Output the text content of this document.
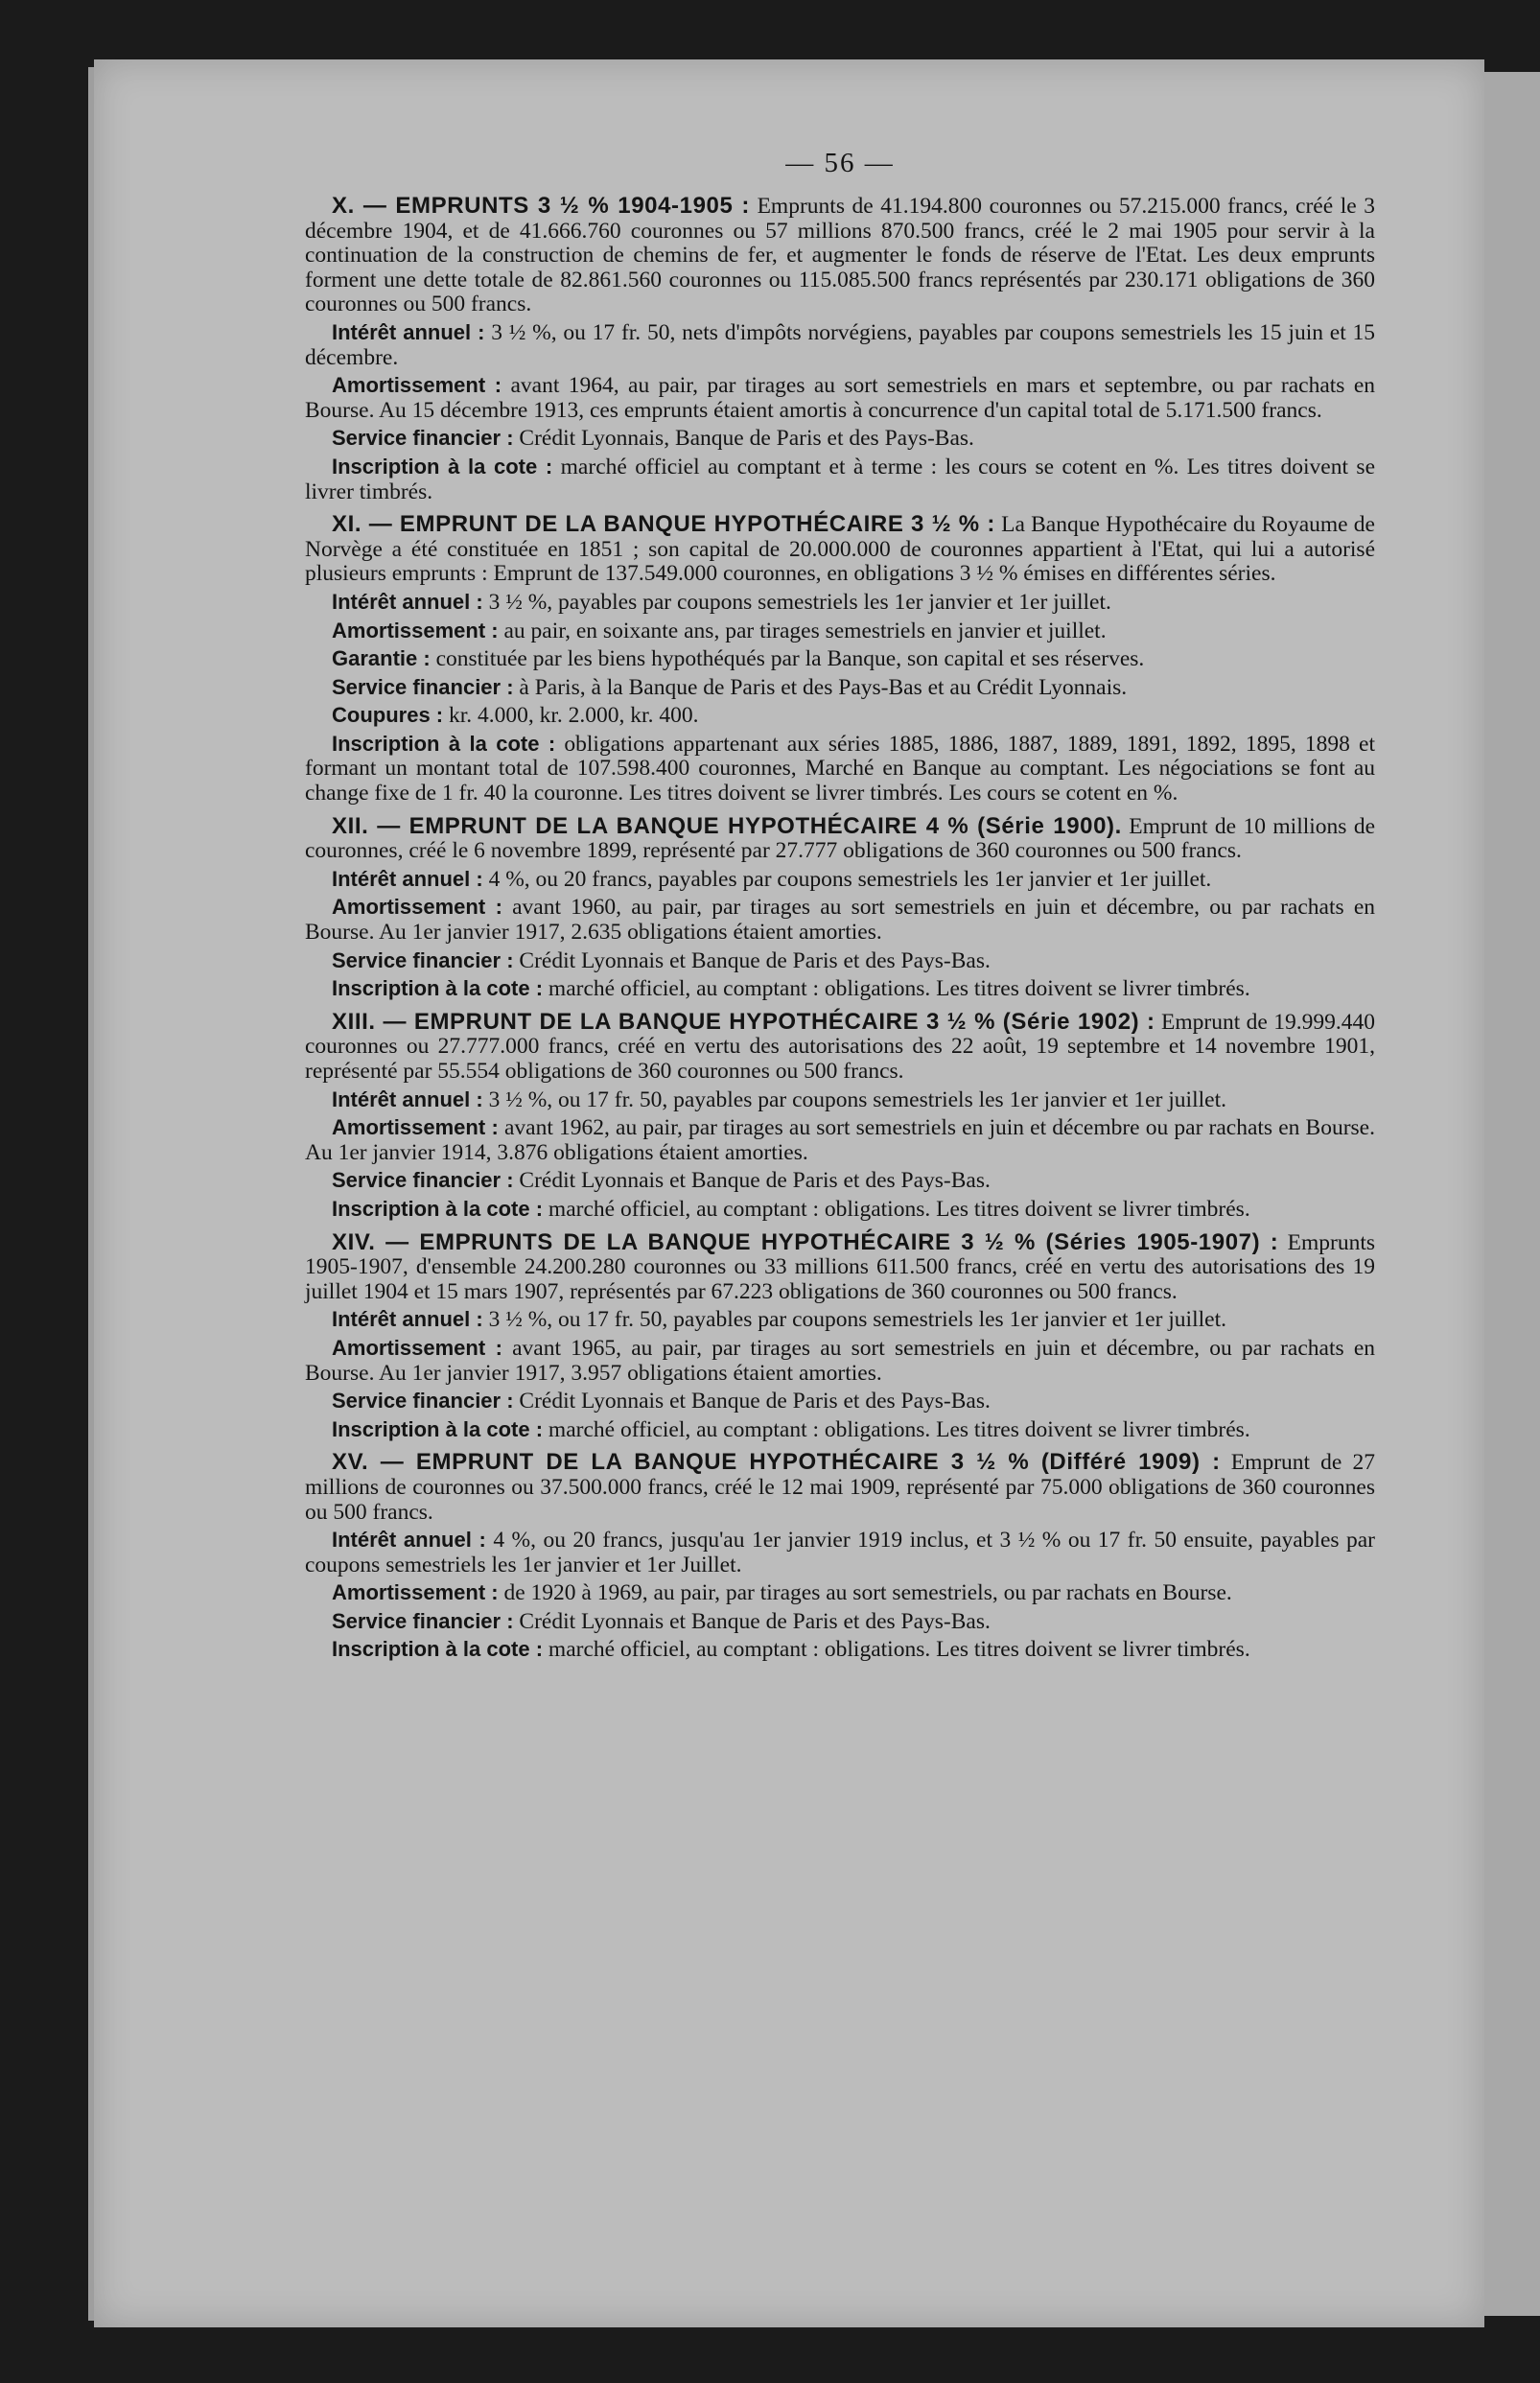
— 56 —

X. — EMPRUNTS 3 ½ % 1904-1905 : Emprunts de 41.194.800 couronnes ou 57.215.000 francs, créé le 3 décembre 1904, et de 41.666.760 couronnes ou 57 millions 870.500 francs, créé le 2 mai 1905 pour servir à la continuation de la construction de chemins de fer, et augmenter le fonds de réserve de l'Etat. Les deux emprunts forment une dette totale de 82.861.560 couronnes ou 115.085.500 francs représentés par 230.171 obligations de 360 couronnes ou 500 francs.

Intérêt annuel : 3 ½ %, ou 17 fr. 50, nets d'impôts norvégiens, payables par coupons semestriels les 15 juin et 15 décembre.

Amortissement : avant 1964, au pair, par tirages au sort semestriels en mars et septembre, ou par rachats en Bourse. Au 15 décembre 1913, ces emprunts étaient amortis à concurrence d'un capital total de 5.171.500 francs.

Service financier : Crédit Lyonnais, Banque de Paris et des Pays-Bas.

Inscription à la cote : marché officiel au comptant et à terme : les cours se cotent en %. Les titres doivent se livrer timbrés.

XI. — EMPRUNT DE LA BANQUE HYPOTHÉCAIRE 3 ½ % : La Banque Hypothécaire du Royaume de Norvège a été constituée en 1851 ; son capital de 20.000.000 de couronnes appartient à l'Etat, qui lui a autorisé plusieurs emprunts : Emprunt de 137.549.000 couronnes, en obligations 3 ½ % émises en différentes séries.

Intérêt annuel : 3 ½ %, payables par coupons semestriels les 1er janvier et 1er juillet.

Amortissement : au pair, en soixante ans, par tirages semestriels en janvier et juillet.

Garantie : constituée par les biens hypothéqués par la Banque, son capital et ses réserves.

Service financier : à Paris, à la Banque de Paris et des Pays-Bas et au Crédit Lyonnais.

Coupures : kr. 4.000, kr. 2.000, kr. 400.

Inscription à la cote : obligations appartenant aux séries 1885, 1886, 1887, 1889, 1891, 1892, 1895, 1898 et formant un montant total de 107.598.400 couronnes, Marché en Banque au comptant. Les négociations se font au change fixe de 1 fr. 40 la couronne. Les titres doivent se livrer timbrés. Les cours se cotent en %.

XII. — EMPRUNT DE LA BANQUE HYPOTHÉCAIRE 4 % (Série 1900). Emprunt de 10 millions de couronnes, créé le 6 novembre 1899, représenté par 27.777 obligations de 360 couronnes ou 500 francs.

Intérêt annuel : 4 %, ou 20 francs, payables par coupons semestriels les 1er janvier et 1er juillet.

Amortissement : avant 1960, au pair, par tirages au sort semestriels en juin et décembre, ou par rachats en Bourse. Au 1er janvier 1917, 2.635 obligations étaient amorties.

Service financier : Crédit Lyonnais et Banque de Paris et des Pays-Bas.

Inscription à la cote : marché officiel, au comptant : obligations. Les titres doivent se livrer timbrés.

XIII. — EMPRUNT DE LA BANQUE HYPOTHÉCAIRE 3 ½ % (Série 1902) : Emprunt de 19.999.440 couronnes ou 27.777.000 francs, créé en vertu des autorisations des 22 août, 19 septembre et 14 novembre 1901, représenté par 55.554 obligations de 360 couronnes ou 500 francs.

Intérêt annuel : 3 ½ %, ou 17 fr. 50, payables par coupons semestriels les 1er janvier et 1er juillet.

Amortissement : avant 1962, au pair, par tirages au sort semestriels en juin et décembre ou par rachats en Bourse. Au 1er janvier 1914, 3.876 obligations étaient amorties.

Service financier : Crédit Lyonnais et Banque de Paris et des Pays-Bas.

Inscription à la cote : marché officiel, au comptant : obligations. Les titres doivent se livrer timbrés.

XIV. — EMPRUNTS DE LA BANQUE HYPOTHÉCAIRE 3 ½ % (Séries 1905-1907) : Emprunts 1905-1907, d'ensemble 24.200.280 couronnes ou 33 millions 611.500 francs, créé en vertu des autorisations des 19 juillet 1904 et 15 mars 1907, représentés par 67.223 obligations de 360 couronnes ou 500 francs.

Intérêt annuel : 3 ½ %, ou 17 fr. 50, payables par coupons semestriels les 1er janvier et 1er juillet.

Amortissement : avant 1965, au pair, par tirages au sort semestriels en juin et décembre, ou par rachats en Bourse. Au 1er janvier 1917, 3.957 obligations étaient amorties.

Service financier : Crédit Lyonnais et Banque de Paris et des Pays-Bas.

Inscription à la cote : marché officiel, au comptant : obligations. Les titres doivent se livrer timbrés.

XV. — EMPRUNT DE LA BANQUE HYPOTHÉCAIRE 3 ½ % (Différé 1909) : Emprunt de 27 millions de couronnes ou 37.500.000 francs, créé le 12 mai 1909, représenté par 75.000 obligations de 360 couronnes ou 500 francs.

Intérêt annuel : 4 %, ou 20 francs, jusqu'au 1er janvier 1919 inclus, et 3 ½ % ou 17 fr. 50 ensuite, payables par coupons semestriels les 1er janvier et 1er Juillet.

Amortissement : de 1920 à 1969, au pair, par tirages au sort semestriels, ou par rachats en Bourse.

Service financier : Crédit Lyonnais et Banque de Paris et des Pays-Bas.

Inscription à la cote : marché officiel, au comptant : obligations. Les titres doivent se livrer timbrés.
